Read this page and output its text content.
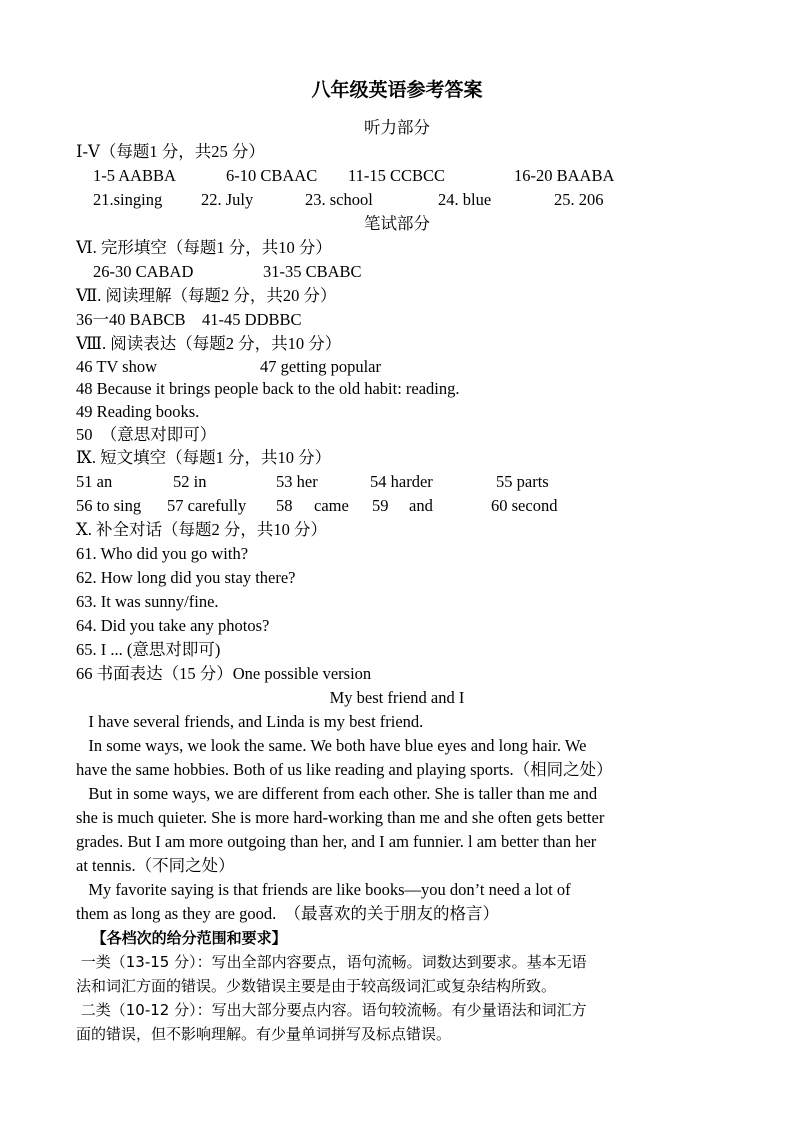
八年级英语参考答案
听力部分
Ⅰ-Ⅴ（每题1 分，共25 分）
1-5 AABBA	6-10 CBAAC 11-15 CCBCC	16-20 BAABA
21.singing 22. July	23. school	24. blue	25. 206
笔试部分
Ⅵ. 完形填空（每题1 分，共10 分）
26-30 CABAD	31-35 CBABC
Ⅶ. 阅读理解（每题2 分，共20 分）
36一40 BABCB    41-45 DDBBC
Ⅷ. 阅读表达（每题2 分，共10 分）
46 TV show	47 getting popular
48 Because it brings people back to the old habit: reading.
49 Reading books.
50  （意思对即可）
Ⅸ. 短文填空（每题1 分，共10 分）
51 an	52 in	53 her	54 harder	55 parts
56 to sing 57 carefully 58 came 59 and	60 second
Ⅹ. 补全对话（每题2 分，共10 分）
61. Who did you go with?
62. How long did you stay there?
63. It was sunny/fine.
64. Did you take any photos?
65. I ... (意思对即可)
66 书面表达（15 分）One possible version
My best friend and I
I have several friends, and Linda is my best friend.
In some ways, we look the same. We both have blue eyes and long hair. We
have the same hobbies. Both of us like reading and playing sports.（相同之处）
But in some ways, we are different from each other. She is taller than me and
she is much quieter. She is more hard-working than me and she often gets better
grades. But I am more outgoing than her, and I am funnier. l am better than her
at tennis.（不同之处）
My favorite saying is that friends are like books—you don’t need a lot of
them as long as they are good.  （最喜欢的关于朋友的格言）
【各档次的给分范围和要求】
一类（13-15 分）：写出全部内容要点，语句流畅。词数达到要求。基本无语
法和词汇方面的错误。少数错误主要是由于较高级词汇或复杂结构所致。
二类（10-12 分）：写出大部分要点内容。语句较流畅。有少量语法和词汇方
面的错误，但不影响理解。有少量单词拼写及标点错误。
